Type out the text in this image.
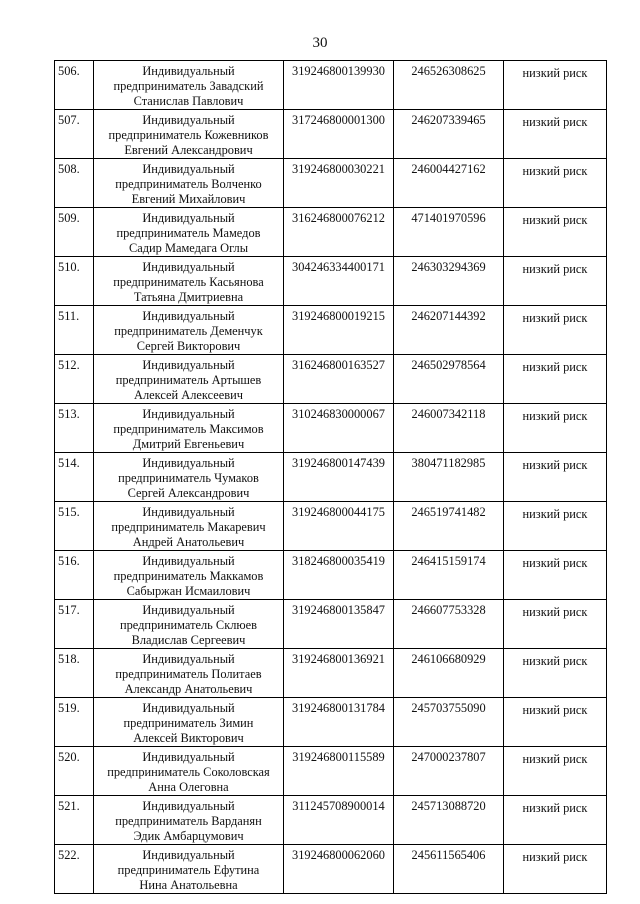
30
506.	Индивидуальный
предприниматель Завадский
Станислав Павлович	319246800139930	246526308625	низкий риск
507.	Индивидуальный
предприниматель Кожевников
Евгений Александрович	317246800001300	246207339465	низкий риск
508.	Индивидуальный
предприниматель Волченко
Евгений Михайлович	319246800030221	246004427162	низкий риск
509.	Индивидуальный
предприниматель Мамедов
Садир Мамедага Оглы	316246800076212	471401970596	низкий риск
510.	Индивидуальный
предприниматель Касьянова
Татьяна Дмитриевна	304246334400171	246303294369	низкий риск
511.	Индивидуальный
предприниматель Деменчук
Сергей Викторович	319246800019215	246207144392	низкий риск
512.	Индивидуальный
предприниматель Артышев
Алексей Алексеевич	316246800163527	246502978564	низкий риск
513.	Индивидуальный
предприниматель Максимов
Дмитрий Евгеньевич	310246830000067	246007342118	низкий риск
514.	Индивидуальный
предприниматель Чумаков
Сергей Александрович	319246800147439	380471182985	низкий риск
515.	Индивидуальный
предприниматель Макаревич
Андрей Анатольевич	319246800044175	246519741482	низкий риск
516.	Индивидуальный
предприниматель Маккамов
Сабыржан Исмаилович	318246800035419	246415159174	низкий риск
517.	Индивидуальный
предприниматель Склюев
Владислав Сергеевич	319246800135847	246607753328	низкий риск
518.	Индивидуальный
предприниматель Политаев
Александр Анатольевич	319246800136921	246106680929	низкий риск
519.	Индивидуальный
предприниматель Зимин
Алексей Викторович	319246800131784	245703755090	низкий риск
520.	Индивидуальный
предприниматель Соколовская
Анна Олеговна	319246800115589	247000237807	низкий риск
521.	Индивидуальный
предприниматель Варданян
Эдик Амбарцумович	311245708900014	245713088720	низкий риск
522.	Индивидуальный
предприниматель Ефутина
Нина Анатольевна	319246800062060	245611565406	низкий риск
